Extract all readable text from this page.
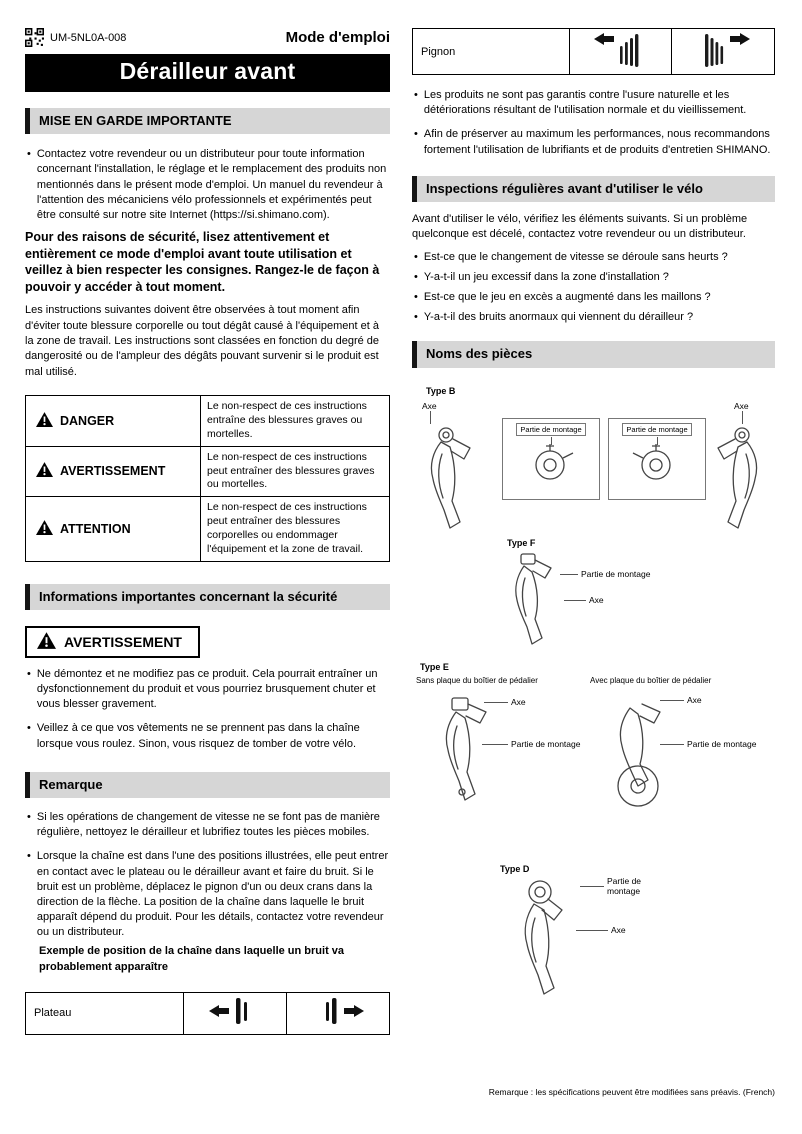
UM-5NL0A-008	Mode d'emploi
Dérailleur avant
MISE EN GARDE IMPORTANTE
• Contactez votre revendeur ou un distributeur pour toute information concernant l'installation, le réglage et le remplacement des produits non mentionnés dans le présent mode d'emploi. Un manuel du revendeur à l'attention des mécaniciens vélo professionnels et expérimentés peut être consulté sur notre site Internet (https://si.shimano.com).
Pour des raisons de sécurité, lisez attentivement et entièrement ce mode d'emploi avant toute utilisation et veillez à bien respecter les consignes. Rangez-le de façon à pouvoir y accéder à tout moment.
Les instructions suivantes doivent être observées à tout moment afin d'éviter toute blessure corporelle ou tout dégât causé à l'équipement et à la zone de travail. Les instructions sont classées en fonction du degré de dangerosité ou de l'ampleur des dégâts pouvant survenir si le produit est mal utilisé.
DANGER	Le non-respect de ces instructions entraîne des blessures graves ou mortelles.

AVERTISSEMENT	Le non-respect de ces instructions peut entraîner des blessures graves ou mortelles.

ATTENTION	Le non-respect de ces instructions peut entraîner des blessures corporelles ou endommager l'équipement et la zone de travail.
Informations importantes concernant la sécurité
AVERTISSEMENT
• Ne démontez et ne modifiez pas ce produit. Cela pourrait entraîner un dysfonctionnement du produit et vous pourriez brusquement chuter et vous blesser gravement.
• Veillez à ce que vos vêtements ne se prennent pas dans la chaîne lorsque vous roulez. Sinon, vous risquez de tomber de votre vélo.
Remarque
• Si les opérations de changement de vitesse ne se font pas de manière régulière, nettoyez le dérailleur et lubrifiez toutes les pièces mobiles.
• Lorsque la chaîne est dans l'une des positions illustrées, elle peut entrer en contact avec le plateau ou le dérailleur avant et faire du bruit. Si le bruit est un problème, déplacez le pignon d'un ou deux crans dans la direction de la flèche. La position de la chaîne dans laquelle le bruit apparaît dépend du produit. Pour les détails, contactez votre revendeur ou un distributeur.
Exemple de position de la chaîne dans laquelle un bruit va probablement apparaître
Plateau		
Pignon		
• Les produits ne sont pas garantis contre l'usure naturelle et les détériorations résultant de l'utilisation normale et du vieillissement.
• Afin de préserver au maximum les performances, nous recommandons fortement l'utilisation de lubrifiants et de produits d'entretien SHIMANO.
Inspections régulières avant d'utiliser le vélo
Avant d'utiliser le vélo, vérifiez les éléments suivants. Si un problème quelconque est décelé, contactez votre revendeur ou un distributeur.
• Est-ce que le changement de vitesse se déroule sans heurts ?
• Y-a-t-il un jeu excessif dans la zone d'installation ?
• Est-ce que le jeu en excès a augmenté dans les maillons ?
• Y-a-t-il des bruits anormaux qui viennent du dérailleur ?
Noms des pièces
Type B
Axe
Partie de montage	Partie de montage
Axe
Type F
Partie de montage
Axe
Type E
Sans plaque du boîtier de pédalier	Avec plaque du boîtier de pédalier
Axe
Partie de montage
Axe
Partie de montage
Type D
Partie de montage
Axe
Remarque : les spécifications peuvent être modifiées sans préavis. (French)
